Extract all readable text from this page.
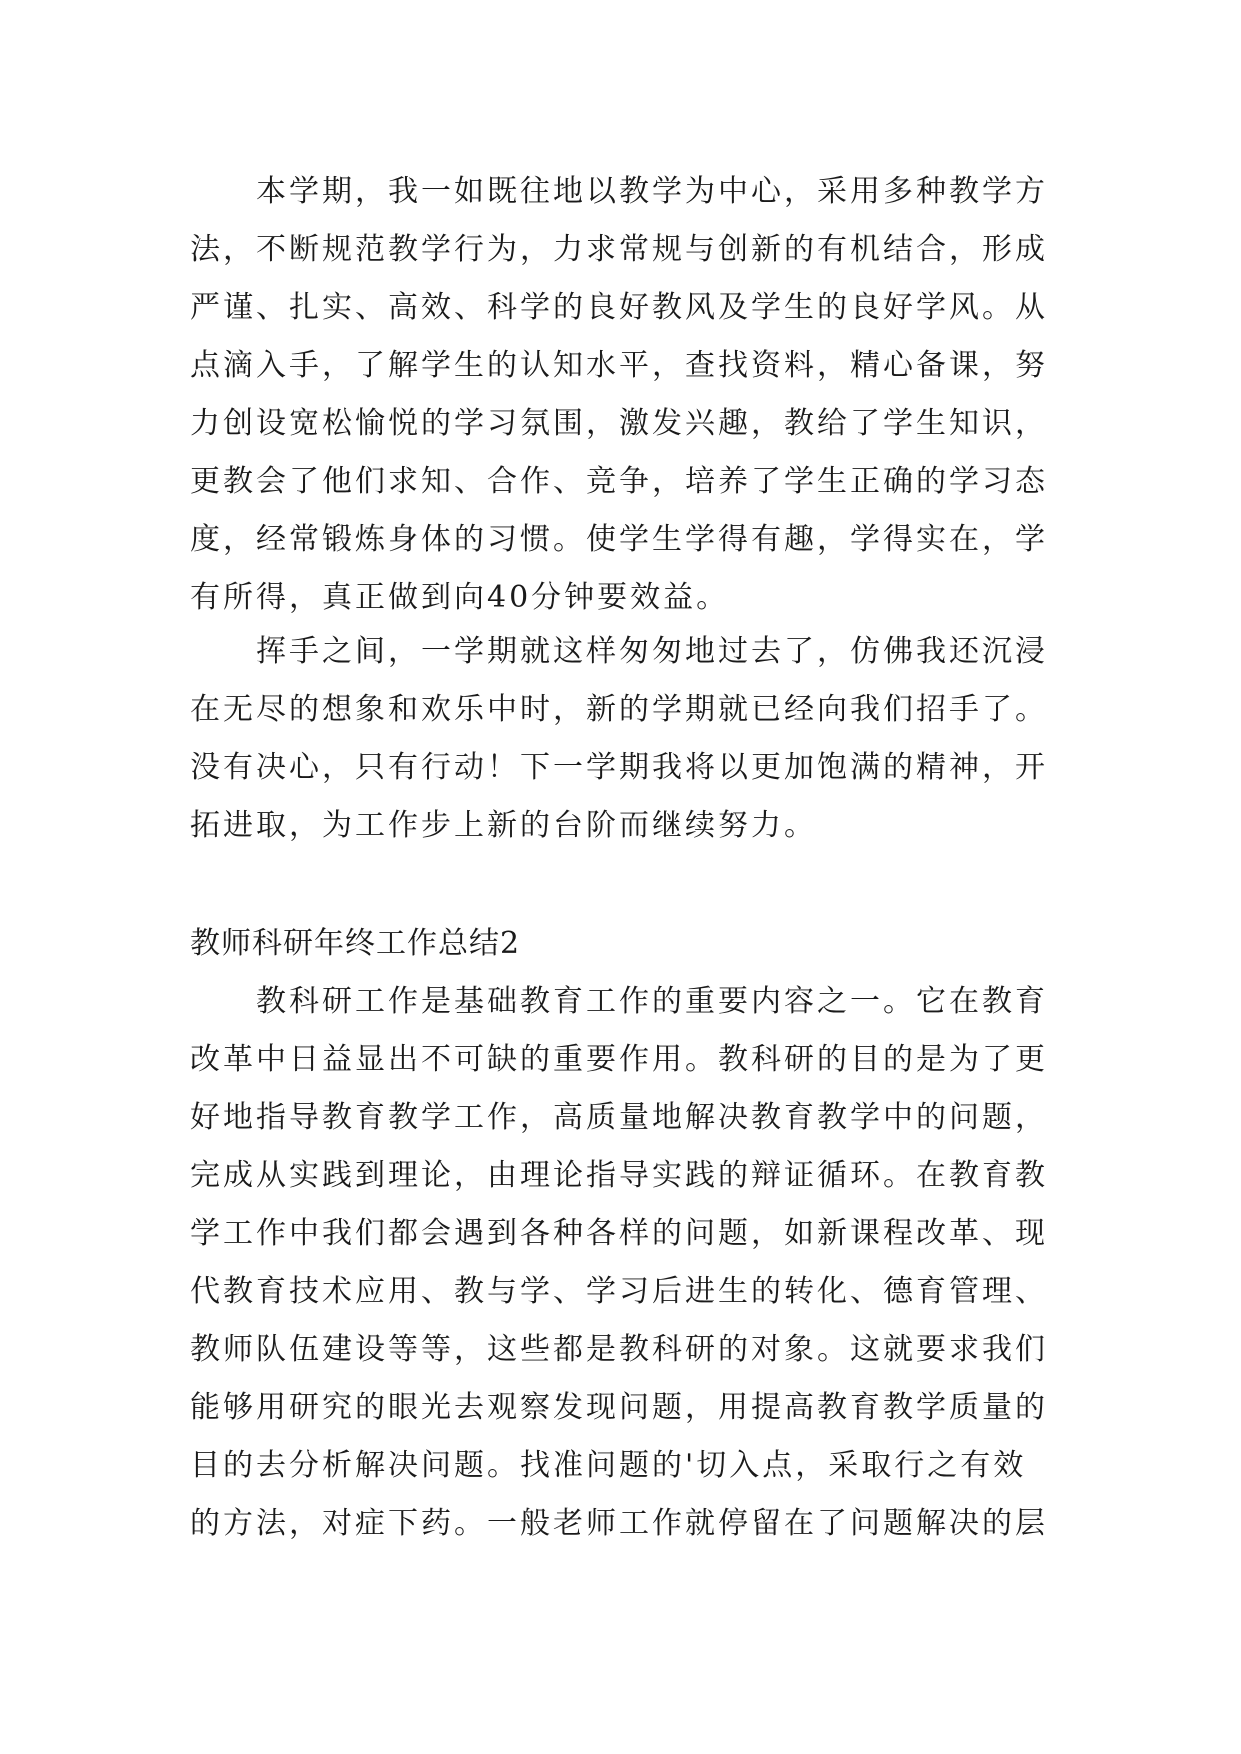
本学期，我一如既往地以教学为中心，采用多种教学方
法，不断规范教学行为，力求常规与创新的有机结合，形成
严谨、扎实、高效、科学的良好教风及学生的良好学风。从
点滴入手，了解学生的认知水平，查找资料，精心备课，努
力创设宽松愉悦的学习氛围，激发兴趣，教给了学生知识，
更教会了他们求知、合作、竞争，培养了学生正确的学习态
度，经常锻炼身体的习惯。使学生学得有趣，学得实在，学
有所得，真正做到向40分钟要效益。
挥手之间，一学期就这样匆匆地过去了，仿佛我还沉浸
在无尽的想象和欢乐中时，新的学期就已经向我们招手了。
没有决心，只有行动！下一学期我将以更加饱满的精神，开
拓进取，为工作步上新的台阶而继续努力。
教师科研年终工作总结2
教科研工作是基础教育工作的重要内容之一。它在教育
改革中日益显出不可缺的重要作用。教科研的目的是为了更
好地指导教育教学工作，高质量地解决教育教学中的问题，
完成从实践到理论，由理论指导实践的辩证循环。在教育教
学工作中我们都会遇到各种各样的问题，如新课程改革、现
代教育技术应用、教与学、学习后进生的转化、德育管理、
教师队伍建设等等，这些都是教科研的对象。这就要求我们
能够用研究的眼光去观察发现问题，用提高教育教学质量的
目的去分析解决问题。找准问题的'切入点，采取行之有效
的方法，对症下药。一般老师工作就停留在了问题解决的层
